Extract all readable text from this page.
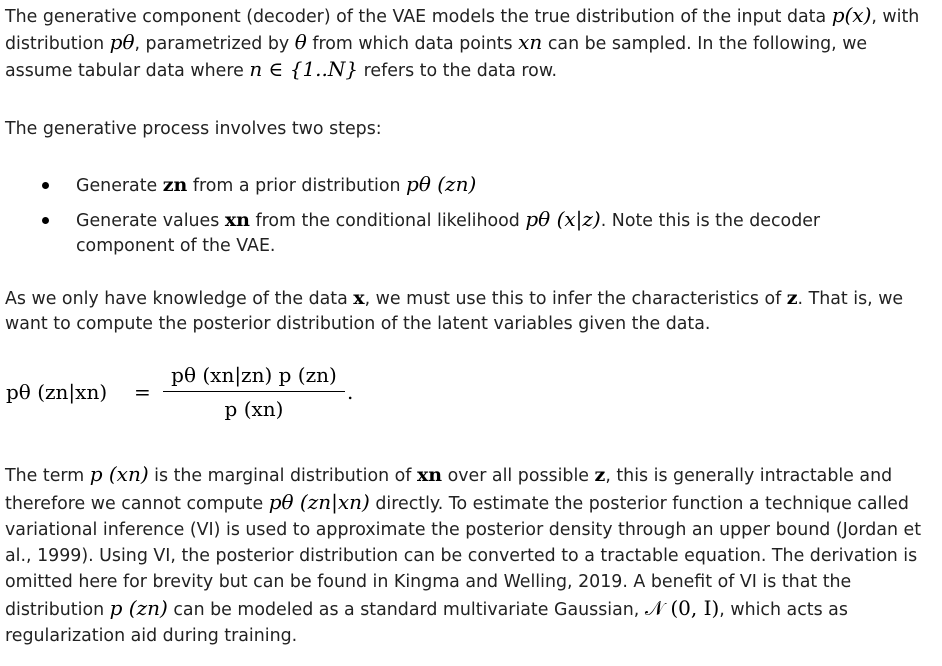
The generative component (decoder) of the VAE models the true distribution of the input data p(x), with distribution pθ, parametrized by θ from which data points xn can be sampled. In the following, we assume tabular data where n ∈ {1..N} refers to the data row.

The generative process involves two steps:

Generate zn from a prior distribution pθ (zn)
Generate values xn from the conditional likelihood pθ (x|z). Note this is the decoder component of the VAE.

As we only have knowledge of the data x, we must use this to infer the characteristics of z. That is, we want to compute the posterior distribution of the latent variables given the data.

pθ (zn|xn) =
pθ (xn|zn) p (zn)
p (xn)
.

The term p (xn) is the marginal distribution of xn over all possible z, this is generally intractable and therefore we cannot compute pθ (zn|xn) directly. To estimate the posterior function a technique called variational inference (VI) is used to approximate the posterior density through an upper bound (Jordan et al., 1999). Using VI, the posterior distribution can be converted to a tractable equation. The derivation is omitted here for brevity but can be found in Kingma and Welling, 2019. A benefit of VI is that the distribution p (zn) can be modeled as a standard multivariate Gaussian, 𝒩 (0, I), which acts as regularization aid during training.
